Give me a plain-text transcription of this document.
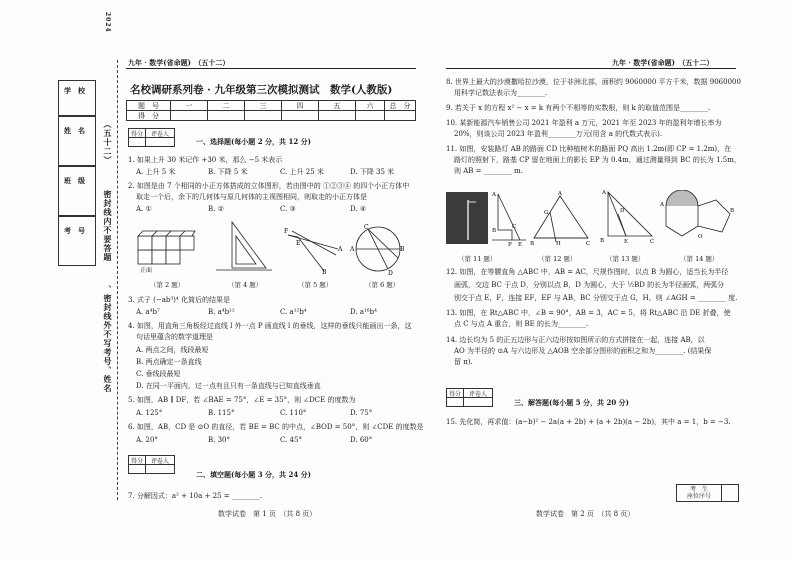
学　校
姓　名
班　级
考　号
2024
（五十二）
密封线内不要答题
、密封线外不写考号、姓名
九年 · 数学(省命题)　（五十二）
名校调研系列卷 · 九年级第三次模拟测试　数学(人教版)
题　号	一	二	三	四	五	六	总　分
得　分
得分	评卷人
一、选择题(每小题 2 分，共 12 分)
1. 如果上升 30 米记作 +30 米，那么 −5 米表示
A. 上升 5 米	B. 下降 5 米	C. 上升 25 米	D. 下降 35 米
2. 如图是由 7 个相同的小正方体搭成的立体图形，若由图中的 ①②③④ 的四个小正方体中
取走一个后，余下的几何体与原几何体的主视图相同，则取走的小正方体是
A. ①	B. ②	C. ③	D. ④
正面
（第 2 题）	（第 4 题）
F
E
A
B
（第 5 题）
A	B
C
D
（第 6 题）
3. 式子 (−ab³)⁴ 化简后的结果是
A. a⁴b⁷	B. a⁴b¹²	C. a¹²b⁴	D. a¹⁶b⁴
4. 如图，用直角三角板经过直线 l 外一点 P 画直线 l 的垂线，这样的垂线只能画出一条，这
句话里蕴含的数学道理是
A. 两点之间，线段最短
B. 两点确定一条直线
C. 垂线段最短
D. 在同一平面内，过一点有且只有一条直线与已知直线垂直
5. 如图，AB ∥ DF，若 ∠BAE = 75°，∠E = 35°，则 ∠DCE 的度数为
A. 125°	B. 115°	C. 110°	D. 75°
6. 如图，AB，CD 是 ⊙O 的直径，若 BE = BC 的中点，∠BOD = 50°，则 ∠CDE 的度数是
A. 20°	B. 30°	C. 45°	D. 60°
得分	评卷人
二、填空题(每小题 3 分，共 24 分)
7. 分解因式：a² + 10a + 25 = ________.
数学试卷　第 1 页　（共 8 页）
九年 · 数学(省命题)　（五十二）
8. 世界上最大的沙漠撒哈拉沙漠，位于非洲北部，面积约 9060000 平方千米，数据 9060000
用科学记数法表示为________.
9. 若关于 x 的方程 x² − x = k 有两个不相等的实数根，则 k 的取值范围是________.
10. 某新能源汽车销售公司 2021 年盈利 a 万元，2021 年至 2023 年的盈利年增长率为
20%，则该公司 2023 年盈利________万元(用含 a 的代数式表示).
11. 如图，安装路灯 AB 的路面 CD 比种植树木的路面 PQ 高出 1.2m(即 CP = 1.2m)，在
路灯的照射下，路基 CP 留在地面上的影长 EP 为 0.4m，通过测量得到 BC 的长为 1.5m，
则 AB = ________ m.
A
B
C
P E
（第 11 题）
A
B	C
G
H
（第 12 题）
A
B	C
E
D
（第 13 题）
A
O
B
（第 14 题）
12. 如图，在等腰直角 △ABC 中，AB = AC，尺规作图时，以点 B 为圆心，适当长为半径
画弧，交边 BC 于点 D，分别以点 B，D 为圆心，大于 ½BD 的长为半径画弧，两弧分
别交于点 E，F，连接 EF，EF 与 AB，BC 分别交于点 G，H，则 ∠AGH = ________ 度.
13. 如图，在 Rt△ABC 中，∠B = 90°，AB = 3，AC = 5，将 Rt△ABC 沿 DE 折叠，使
点 C 与点 A 重合，则 BE 的长为________.
14. 边长均为 5 的正五边形与正六边形按如图所示的方式拼接在一起，连接 AB，以
AO 为半径的 ⊙A 与六边形及 △AOB 空余部分图形的面积之和为________. (结果保
留 π).
得分	评卷人
三、解答题(每小题 5 分，共 20 分)
15. 先化简，再求值：(a−b)² − 2a(a + 2b) + (a + 2b)(a − 2b)，其中 a = 1，b = −3.
考　生
座位序号
数学试卷　第 2 页　（共 8 页）
